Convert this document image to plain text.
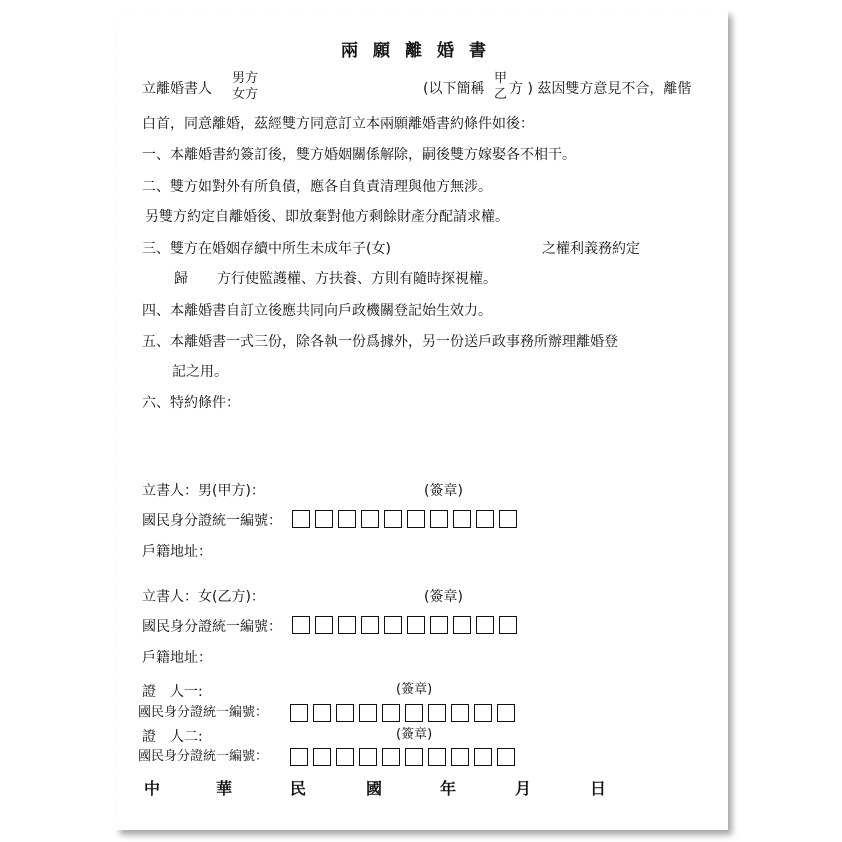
兩願離婚書
立離婚書人
男方
女方	(以下簡稱
甲
乙 方 ) 茲因雙方意見不合，離偕
白首，同意離婚，茲經雙方同意訂立本兩願離婚書約條件如後：
一、本離婚書約簽訂後，雙方婚姻關係解除，嗣後雙方嫁娶各不相干。
二、雙方如對外有所負債，應各自負責清理與他方無涉。
另雙方約定自離婚後、即放棄對他方剩餘財產分配請求權。
三、雙方在婚姻存續中所生未成年子(女)	之權利義務約定
歸 方行使監護權、方扶養、方則有隨時探視權。
四、本離婚書自訂立後應共同向戶政機關登記始生效力。
五、本離婚書一式三份，除各執一份爲據外，另一份送戶政事務所辦理離婚登
記之用。
六、特約條件：
立書人：男(甲方)：	(簽章)
國民身分證統一編號：
戶籍地址：
立書人：女(乙方)：	(簽章)
國民身分證統一編號：
戶籍地址：
證　人一:	(簽章)
國民身分證統一編號：
證　人二:	(簽章)
國民身分證統一編號：
中	華	民	國	年	月	日
